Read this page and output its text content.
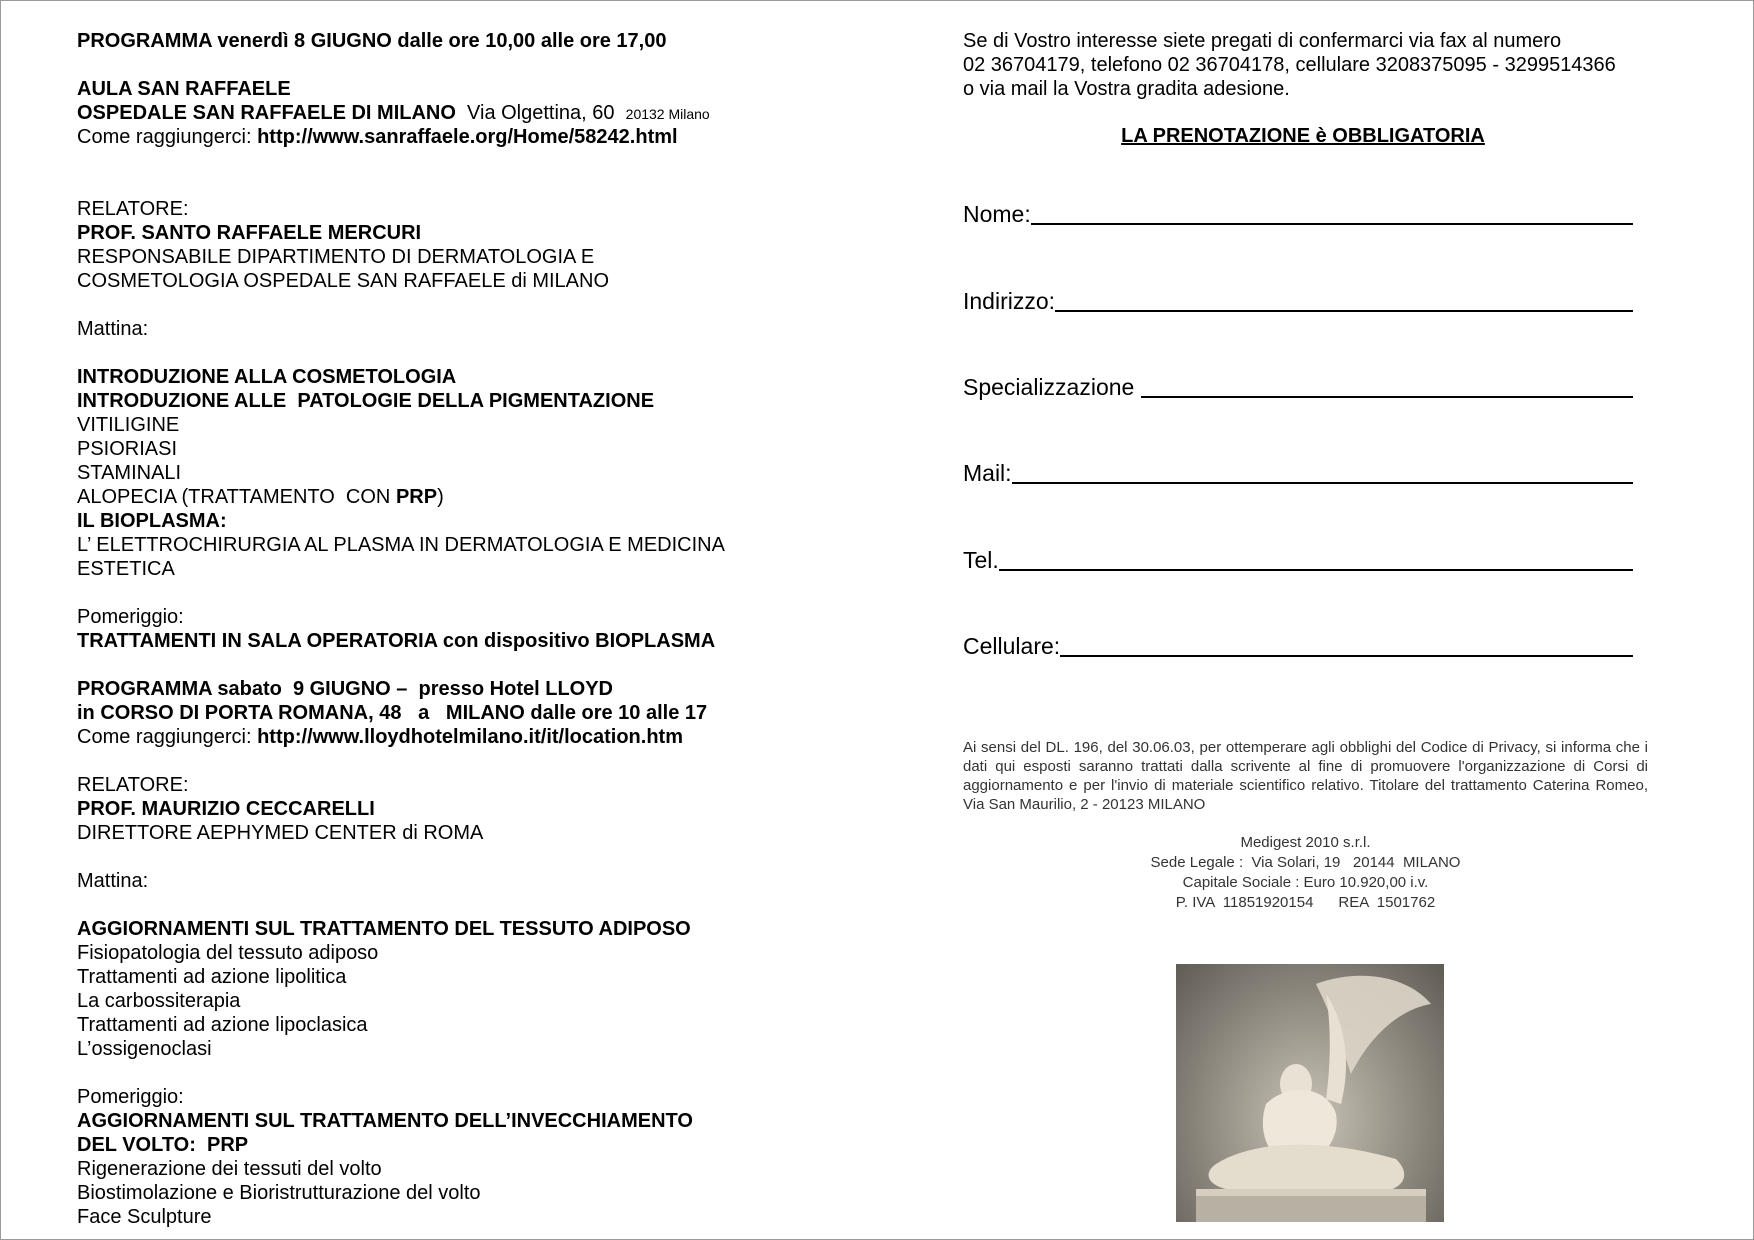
PROGRAMMA venerdì 8 GIUGNO dalle ore 10,00 alle ore 17,00
AULA SAN RAFFAELE
OSPEDALE SAN RAFFAELE DI MILANO  Via Olgettina, 60  20132 Milano
Come raggiungerci: http://www.sanraffaele.org/Home/58242.html
RELATORE:
PROF. SANTO RAFFAELE MERCURI
RESPONSABILE DIPARTIMENTO DI DERMATOLOGIA E
COSMETOLOGIA OSPEDALE SAN RAFFAELE di MILANO
Mattina:
INTRODUZIONE ALLA COSMETOLOGIA
INTRODUZIONE ALLE  PATOLOGIE DELLA PIGMENTAZIONE
VITILIGINE
PSIORIASI
STAMINALI
ALOPECIA (TRATTAMENTO  CON PRP)
IL BIOPLASMA:
L’ ELETTROCHIRURGIA AL PLASMA IN DERMATOLOGIA E MEDICINA
ESTETICA
Pomeriggio:
TRATTAMENTI IN SALA OPERATORIA con dispositivo BIOPLASMA
PROGRAMMA sabato  9 GIUGNO –  presso Hotel LLOYD
in CORSO DI PORTA ROMANA, 48   a   MILANO dalle ore 10 alle 17
Come raggiungerci: http://www.lloydhotelmilano.it/it/location.htm
RELATORE:
PROF. MAURIZIO CECCARELLI
DIRETTORE AEPHYMED CENTER di ROMA
Mattina:
AGGIORNAMENTI SUL TRATTAMENTO DEL TESSUTO ADIPOSO
Fisiopatologia del tessuto adiposo
Trattamenti ad azione lipolitica
La carbossiterapia
Trattamenti ad azione lipoclasica
L’ossigenoclasi
Pomeriggio:
AGGIORNAMENTI SUL TRATTAMENTO DELL’INVECCHIAMENTO
DEL VOLTO:  PRP
Rigenerazione dei tessuti del volto
Biostimolazione e Bioristrutturazione del volto
Face Sculpture
Se di Vostro interesse siete pregati di confermarci via fax al numero
02 36704179, telefono 02 36704178, cellulare 3208375095 - 3299514366
o via mail la Vostra gradita adesione.
LA PRENOTAZIONE è OBBLIGATORIA
Nome:
Indirizzo:
Specializzazione
Mail:
Tel.
Cellulare:
Ai sensi del DL. 196, del 30.06.03, per ottemperare agli obblighi del Codice di Privacy, si informa che i dati qui esposti saranno trattati dalla scrivente al fine di promuovere l'organizzazione di Corsi di aggiornamento e per l'invio di materiale scientifico relativo. Titolare del trattamento Caterina Romeo, Via San Maurilio, 2 - 20123 MILANO
Medigest 2010 s.r.l.
Sede Legale :  Via Solari, 19   20144  MILANO
Capitale Sociale : Euro 10.920,00 i.v.
P. IVA  11851920154      REA  1501762
